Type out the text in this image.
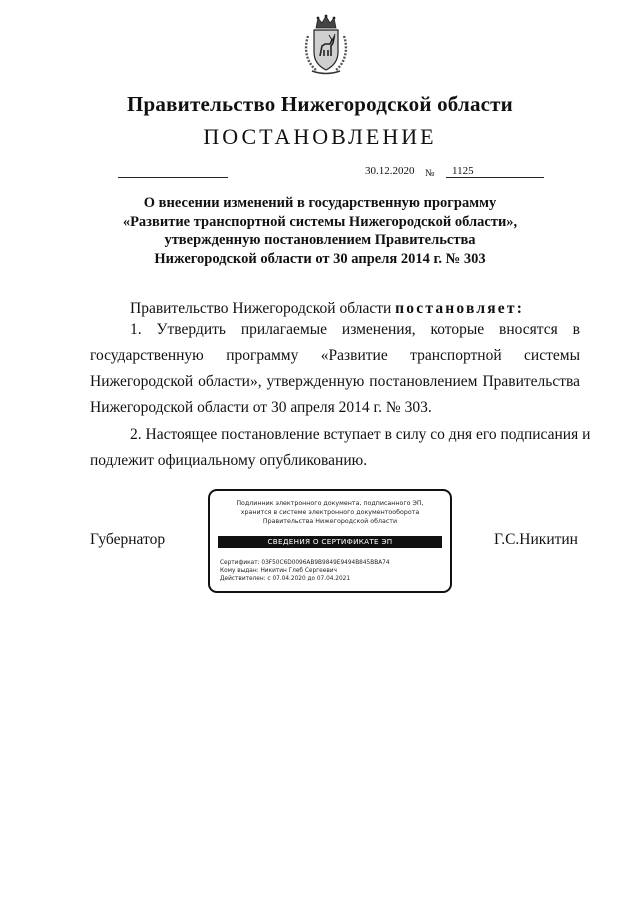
Правительство Нижегородской области
ПОСТАНОВЛЕНИЕ
30.12.2020 № 1125
О внесении изменений в государственную программу
«Развитие транспортной системы Нижегородской области»,
утвержденную постановлением Правительства
Нижегородской области от 30 апреля 2014 г. № 303
Правительство Нижегородской области постановляет:
1. Утвердить прилагаемые изменения, которые вносятся в
государственную программу «Развитие транспортной системы
Нижегородской области», утвержденную постановлением Правительства
Нижегородской области от 30 апреля 2014 г. № 303.
2. Настоящее постановление вступает в силу со дня его подписания и
подлежит официальному опубликованию.
Губернатор	Г.С.Никитин
Подлинник электронного документа, подписанного ЭП,
хранится в системе электронного документооборота
Правительства Нижегородской области
СВЕДЕНИЯ О СЕРТИФИКАТЕ ЭП
Сертификат: 03F50C6D0096AB9B9849E9494B845BBA74
Кому выдан: Никитин Глеб Сергеевич
Действителен: с 07.04.2020 до 07.04.2021
